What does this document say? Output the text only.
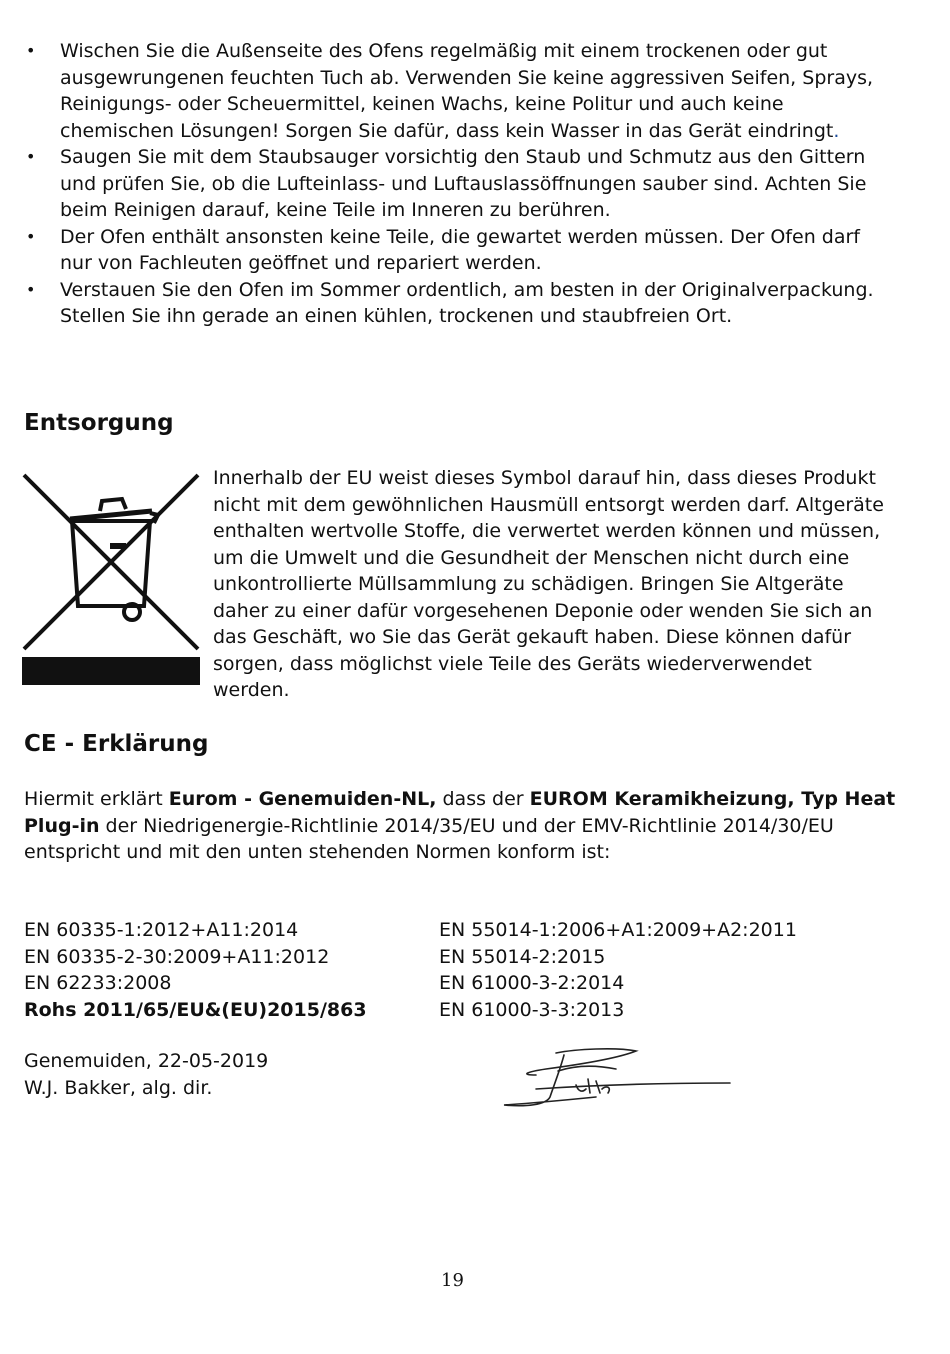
• Wischen Sie die Außenseite des Ofens regelmäßig mit einem trockenen oder gut ausgewrungenen feuchten Tuch ab. Verwenden Sie keine aggressiven Seifen, Sprays, Reinigungs- oder Scheuermittel, keinen Wachs, keine Politur und auch keine chemischen Lösungen! Sorgen Sie dafür, dass kein Wasser in das Gerät eindringt.
• Saugen Sie mit dem Staubsauger vorsichtig den Staub und Schmutz aus den Gittern und prüfen Sie, ob die Lufteinlass- und Luftauslassöffnungen sauber sind. Achten Sie beim Reinigen darauf, keine Teile im Inneren zu berühren.
• Der Ofen enthält ansonsten keine Teile, die gewartet werden müssen. Der Ofen darf nur von Fachleuten geöffnet und repariert werden.
• Verstauen Sie den Ofen im Sommer ordentlich, am besten in der Originalverpackung. Stellen Sie ihn gerade an einen kühlen, trockenen und staubfreien Ort.
Entsorgung

Innerhalb der EU weist dieses Symbol darauf hin, dass dieses Produkt nicht mit dem gewöhnlichen Hausmüll entsorgt werden darf. Altgeräte enthalten wertvolle Stoffe, die verwertet werden können und müssen, um die Umwelt und die Gesundheit der Menschen nicht durch eine unkontrollierte Müllsammlung zu schädigen. Bringen Sie Altgeräte daher zu einer dafür vorgesehenen Deponie oder wenden Sie sich an das Geschäft, wo Sie das Gerät gekauft haben. Diese können dafür sorgen, dass möglichst viele Teile des Geräts wiederverwendet werden.

CE - Erklärung

Hiermit erklärt Eurom - Genemuiden-NL, dass der EUROM Keramikheizung, Typ Heat Plug-in der Niedrigenergie-Richtlinie 2014/35/EU und der EMV-Richtlinie 2014/30/EU entspricht und mit den unten stehenden Normen konform ist:

EN 60335-1:2012+A11:2014	EN 55014-1:2006+A1:2009+A2:2011
EN 60335-2-30:2009+A11:2012	EN 55014-2:2015
EN 62233:2008	EN 61000-3-2:2014
Rohs 2011/65/EU&(EU)2015/863	EN 61000-3-3:2013
Genemuiden, 22-05-2019
W.J. Bakker, alg. dir.
19
